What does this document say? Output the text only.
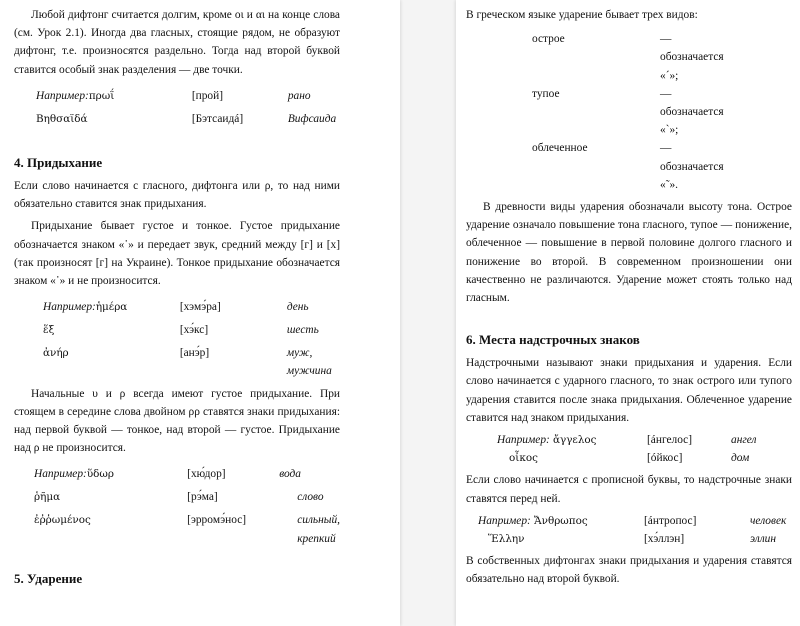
Любой дифтонг считается долгим, кроме οι и αι на конце слова (см. Урок 2.1). Иногда два гласных, стоящие рядом, не образуют дифтонг, т.е. произносятся раздельно. Тогда над второй буквой ставится особый знак разделения — две точки.

Например:	πρωΐ	[прой]	рано
Βηθσαϊδά		[Бэтсаидá]	Вифсаида
4. Придыхание

Если слово начинается с гласного, дифтонга или ρ, то над ними обязательно ставится знак придыхания.

Придыхание бывает густое и тонкое. Густое придыхание обозначается знаком «῾» и передает звук, средний между [г] и [х] (так произносят [г] на Украине). Тонкое придыхание обозначается знаком «᾿» и не произносится.

Например:	ἡμέρα	[хэмэ́ра]	день
ἕξ		[хэ́кс]	шесть
ἀνήρ		[анэ́р]	муж,
мужчина

Начальные υ и ρ всегда имеют густое придыхание. При стоящем в середине слова двойном ρρ ставятся знаки придыхания: над первой буквой — тонкое, над второй — густое. Придыхание над ρ не произносится.

Например:	ὕδωρ	[хю́дор]	вода
ῥῆμα		[рэ́ма]	слово
ἐῤῥωμένος		[эррoмэ́нос]	сильный,
крепкий
5. Ударение

В греческом языке ударение бывает трех видов:

острое	—
обозначается
«´»;

тупое	—
обозначается
«`»;

облеченное	—
обозначается
«῀».

В древности виды ударения обозначали высоту тона. Острое ударение означало повышение тона гласного, тупое — понижение, облеченное — повышение в первой половине долгого гласного и понижение во второй. В современном произношении они качественно не различаются. Ударение может стоять только над гласным.

6. Места надстрочных знаков

Надстрочными называют знаки придыхания и ударения. Если слово начинается с ударного гласного, то знак острого или тупого ударения ставится после знака придыхания. Облеченное ударение ставится над знаком придыхания.

Например:	ἄγγελος	[áнгелос]	ангел
οἶκος		[óйкос]	дом

Если слово начинается с прописной буквы, то надстрочные знаки ставятся перед ней.

Например:	Ἄνθρωπος	[áнтропос]	человек
Ἕλλην		[хэ́ллэн]	эллин

В собственных дифтонгах знаки придыхания и ударения ставятся обязательно над второй буквой.
